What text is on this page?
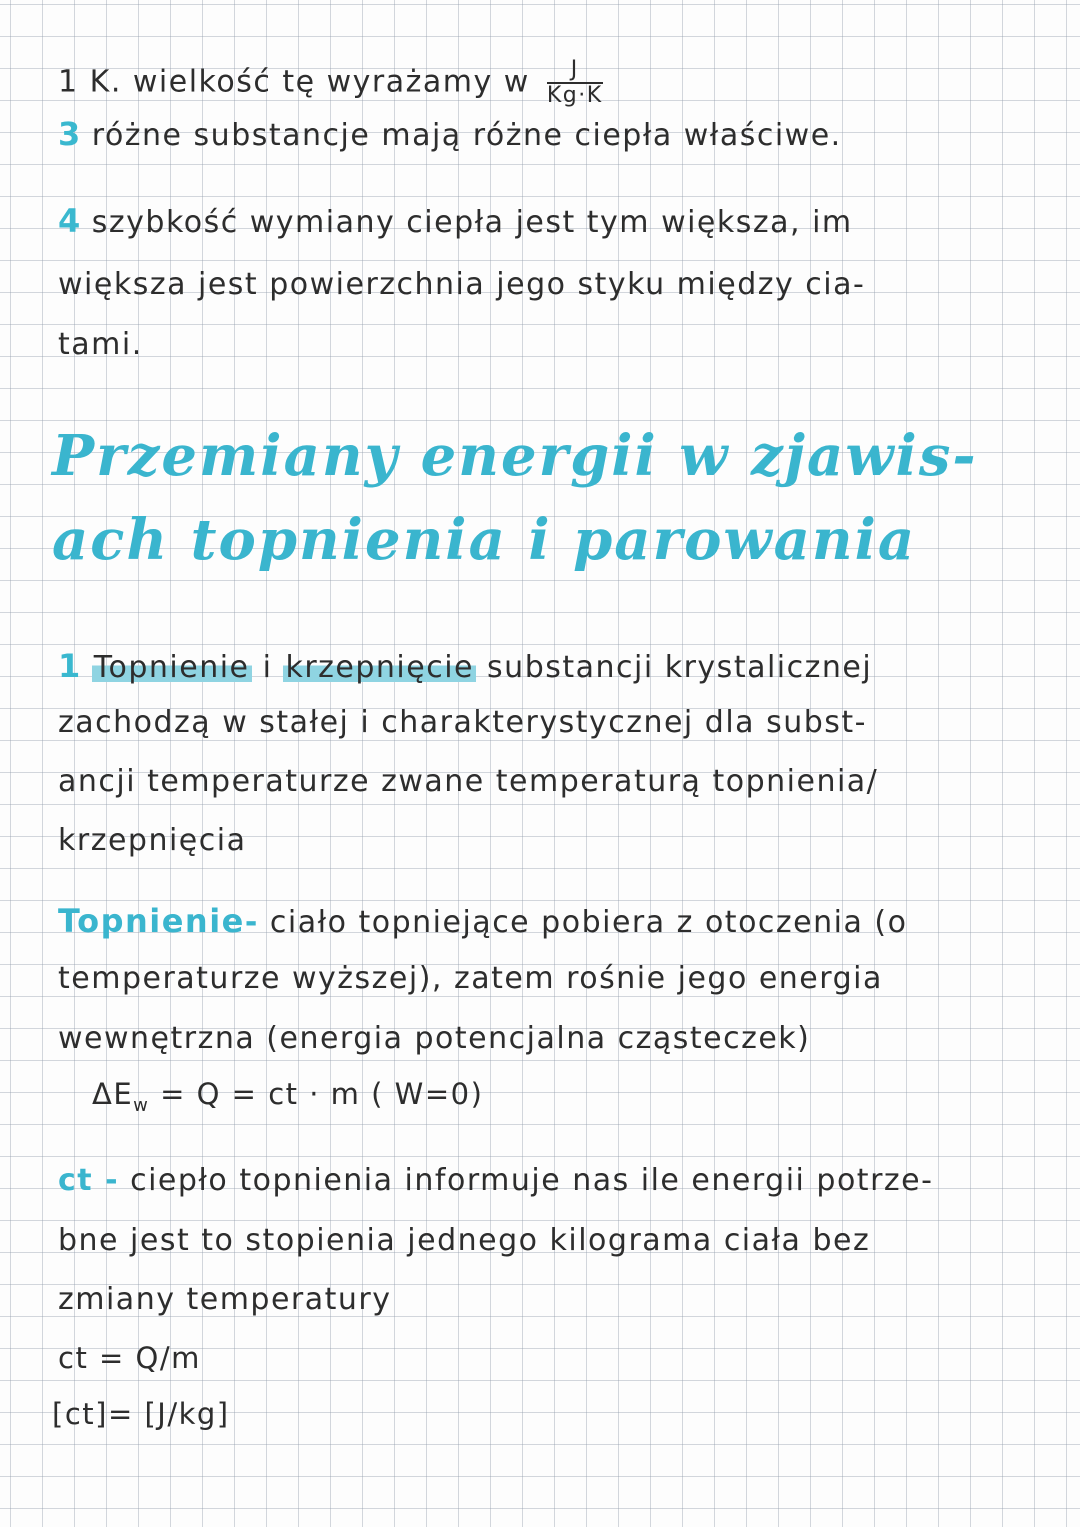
1 K. wielkość tę wyrażamy w $\frac{J}{Kg\cdot K}$
3 różne substancje mają różne ciepła właściwe.
4 szybkość wymiany ciepła jest tym większa, im
większa jest powierzchnia jego styku między cia-
tami.
Przemiany energii w zjawis-
ach topnienia i parowania
1 Topnienie i krzepnięcie substancji krystalicznej
zachodzą w stałej i charakterystycznej dla subst-
ancji temperaturze zwane temperaturą topnienia/
krzepnięcia
Topnienie- ciało topniejące pobiera z otoczenia (o
temperaturze wyższej), zatem rośnie jego energia
wewnętrzna (energia potencjalna cząsteczek)
$\Delta E_w = Q$ = ct · m ( W=0)
ct - ciepło topnienia informuje nas ile energii potrze-
bne jest to stopienia jednego kilograma ciała bez
zmiany temperatury
ct = Q/m
[ct]= [J/kg]
